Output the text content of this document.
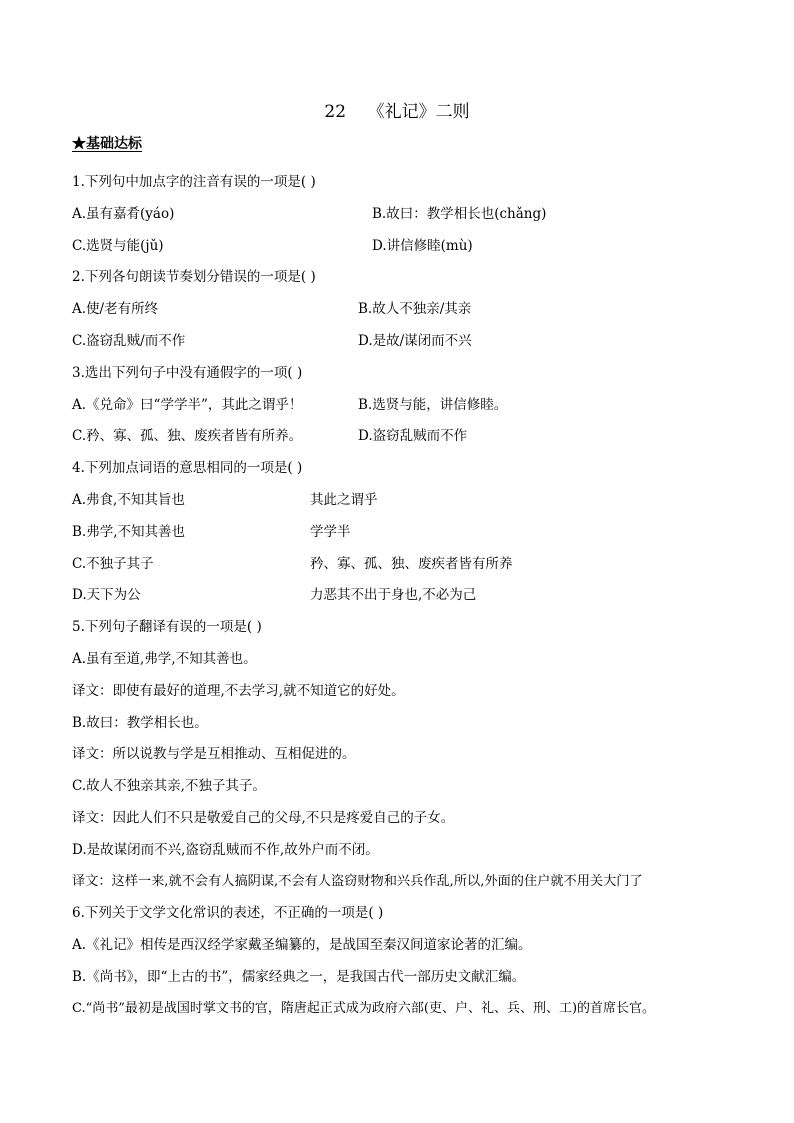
22    《礼记》二则
★基础达标
1.下列句中加点字的注音有误的一项是( )
A.虽有嘉肴(yáo)	B.故曰：教学相长也(chǎng)
C.选贤与能(jǔ)	D.讲信修睦(mù)
2.下列各句朗读节奏划分错误的一项是( )
A.使/老有所终	B.故人不独亲/其亲
C.盗窃乱贼/而不作	D.是故/谋闭而不兴
3.选出下列句子中没有通假字的一项( )
A.《兑命》曰“学学半”，其此之谓乎！	B.选贤与能，讲信修睦。
C.矜、寡、孤、独、废疾者皆有所养。	D.盗窃乱贼而不作
4.下列加点词语的意思相同的一项是( )
A.弗食,不知其旨也	其此之谓乎
B.弗学,不知其善也	学学半
C.不独子其子	矜、寡、孤、独、废疾者皆有所养
D.天下为公	力恶其不出于身也,不必为己
5.下列句子翻译有误的一项是( )
A.虽有至道,弗学,不知其善也。
译文：即使有最好的道理,不去学习,就不知道它的好处。
B.故曰：教学相长也。
译文：所以说教与学是互相推动、互相促进的。
C.故人不独亲其亲,不独子其子。
译文：因此人们不只是敬爱自己的父母,不只是疼爱自己的子女。
D.是故谋闭而不兴,盗窃乱贼而不作,故外户而不闭。
译文：这样一来,就不会有人搞阴谋,不会有人盗窃财物和兴兵作乱,所以,外面的住户就不用关大门了
6.下列关于文学文化常识的表述，不正确的一项是( )
A.《礼记》相传是西汉经学家戴圣编纂的，是战国至秦汉间道家论著的汇编。
B.《尚书》，即“上古的书”，儒家经典之一，是我国古代一部历史文献汇编。
C.“尚书”最初是战国时掌文书的官，隋唐起正式成为政府六部(吏、户、礼、兵、刑、工)的首席长官。
